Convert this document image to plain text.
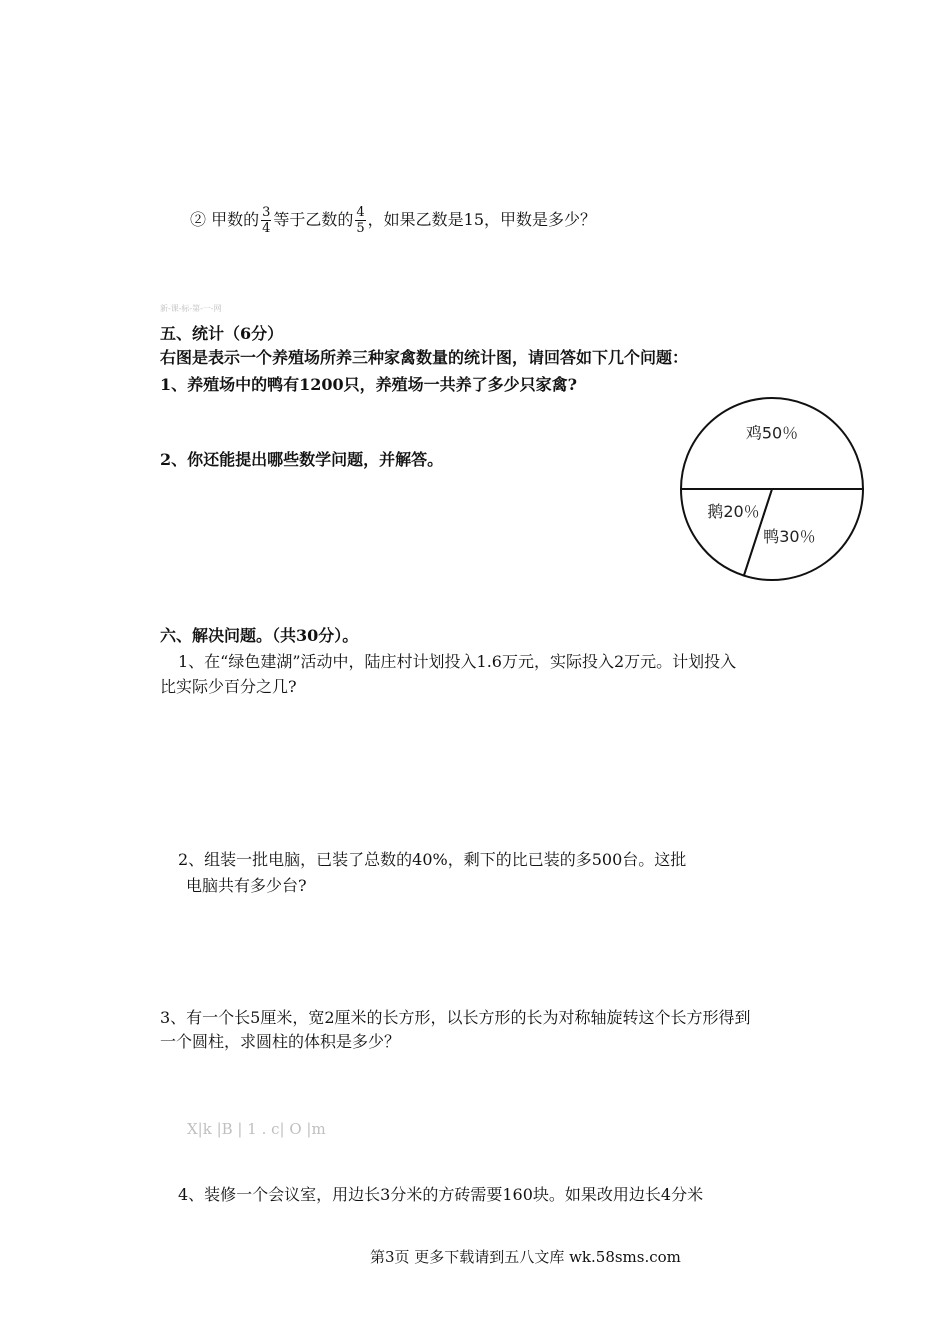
② 甲数的 $\frac{3}{4}$ 等于乙数的 $\frac{4}{5}$ ，如果乙数是15，甲数是多少？
新-课-标-第-一-网
五、统计（6分）
右图是表示一个养殖场所养三种家禽数量的统计图，请回答如下几个问题：
1、养殖场中的鸭有1200只，养殖场一共养了多少只家禽?
2、你还能提出哪些数学问题，并解答。
鸡50％
鸭30％
鹅20％
六、解决问题。（共30分）。
1、在“绿色建湖”活动中，陆庄村计划投入1.6万元，实际投入2万元。计划投入
比实际少百分之几?
2、组装一批电脑，已装了总数的40%，剩下的比已装的多500台。这批
电脑共有多少台?
3、有一个长5厘米，宽2厘米的长方形，以长方形的长为对称轴旋转这个长方形得到
一个圆柱，求圆柱的体积是多少？
X|k |B | 1 . c| O |m
4、装修一个会议室，用边长3分米的方砖需要160块。如果改用边长4分米
第3页 更多下载请到五八文库 wk.58sms.com
